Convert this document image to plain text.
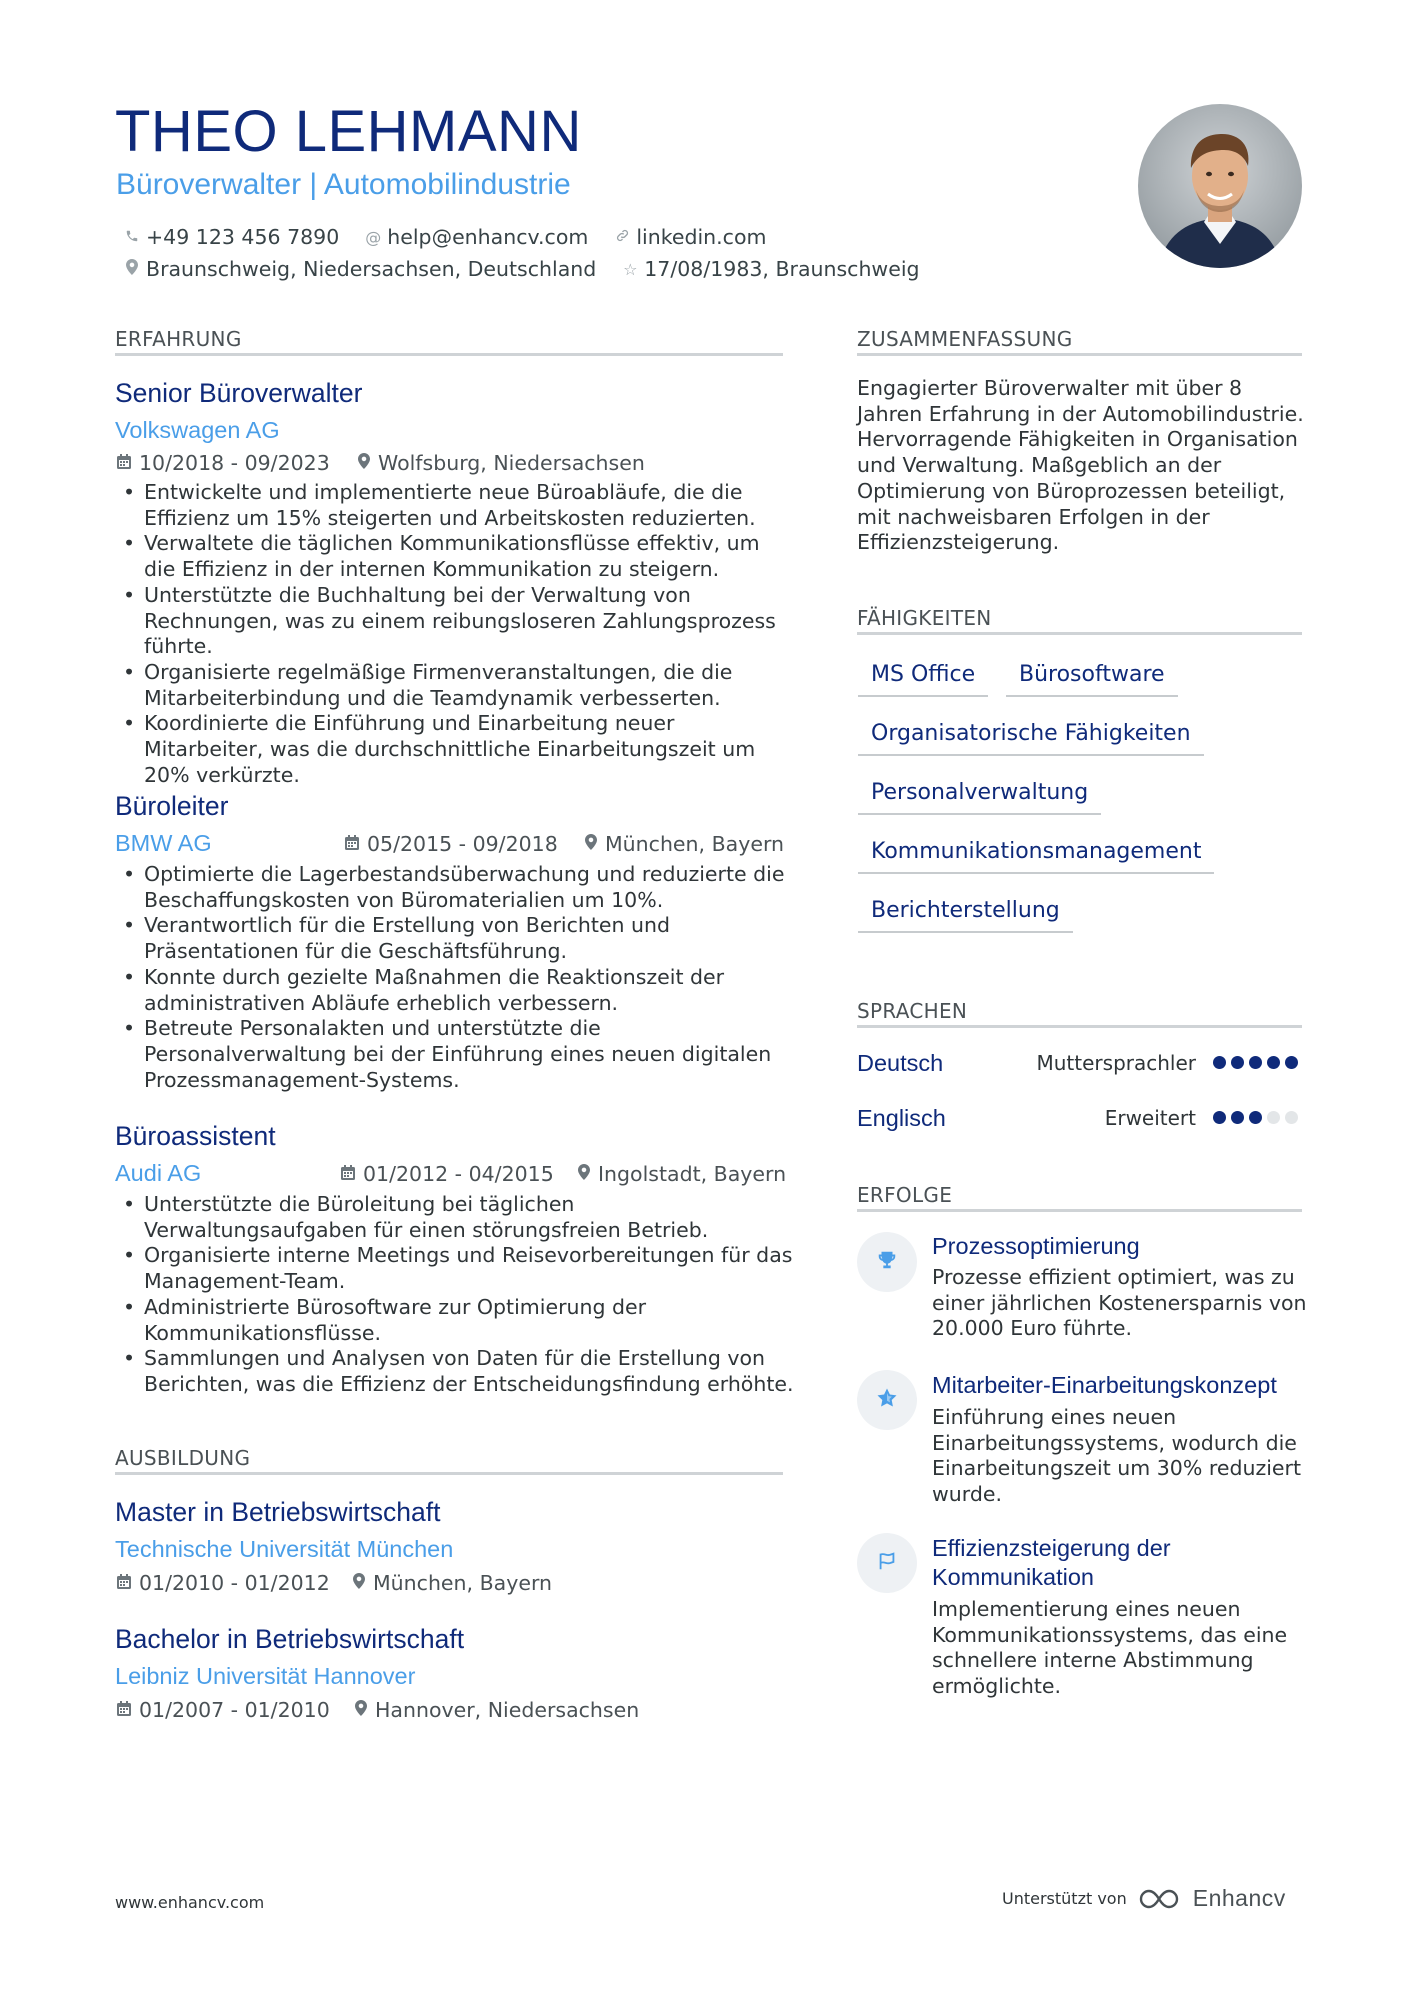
THEO LEHMANN
Büroverwalter | Automobilindustrie
+49 123 456 7890 @ help@enhancv.com linkedin.com
Braunschweig, Niedersachsen, Deutschland ☆ 17/08/1983, Braunschweig
ERFAHRUNG
Senior Büroverwalter
Volkswagen AG
10/2018 - 09/2023 Wolfsburg, Niedersachsen
• Entwickelte und implementierte neue Büroabläufe, die die Effizienz um 15% steigerten und Arbeitskosten reduzierten.
• Verwaltete die täglichen Kommunikationsflüsse effektiv, um die Effizienz in der internen Kommunikation zu steigern.
• Unterstützte die Buchhaltung bei der Verwaltung von Rechnungen, was zu einem reibungsloseren Zahlungsprozess führte.
• Organisierte regelmäßige Firmenveranstaltungen, die die Mitarbeiterbindung und die Teamdynamik verbesserten.
• Koordinierte die Einführung und Einarbeitung neuer Mitarbeiter, was die durchschnittliche Einarbeitungszeit um 20% verkürzte.
Büroleiter
BMW AG	05/2015 - 09/2018 München, Bayern
• Optimierte die Lagerbestandsüberwachung und reduzierte die Beschaffungskosten von Büromaterialien um 10%.
• Verantwortlich für die Erstellung von Berichten und Präsentationen für die Geschäftsführung.
• Konnte durch gezielte Maßnahmen die Reaktionszeit der administrativen Abläufe erheblich verbessern.
• Betreute Personalakten und unterstützte die Personalverwaltung bei der Einführung eines neuen digitalen Prozessmanagement-Systems.
Büroassistent
Audi AG	01/2012 - 04/2015 Ingolstadt, Bayern
• Unterstützte die Büroleitung bei täglichen Verwaltungsaufgaben für einen störungsfreien Betrieb.
• Organisierte interne Meetings und Reisevorbereitungen für das Management-Team.
• Administrierte Bürosoftware zur Optimierung der Kommunikationsflüsse.
• Sammlungen und Analysen von Daten für die Erstellung von Berichten, was die Effizienz der Entscheidungsfindung erhöhte.
AUSBILDUNG
Master in Betriebswirtschaft
Technische Universität München
01/2010 - 01/2012 München, Bayern
Bachelor in Betriebswirtschaft
Leibniz Universität Hannover
01/2007 - 01/2010 Hannover, Niedersachsen
ZUSAMMENFASSUNG
Engagierter Büroverwalter mit über 8 Jahren Erfahrung in der Automobilindustrie. Hervorragende Fähigkeiten in Organisation und Verwaltung. Maßgeblich an der Optimierung von Büroprozessen beteiligt, mit nachweisbaren Erfolgen in der Effizienzsteigerung.
FÄHIGKEITEN
MS Office	Bürosoftware
Organisatorische Fähigkeiten
Personalverwaltung
Kommunikationsmanagement
Berichterstellung
SPRACHEN
Deutsch	Muttersprachler
Englisch	Erweitert
ERFOLGE
Prozessoptimierung
Prozesse effizient optimiert, was zu einer jährlichen Kostenersparnis von 20.000 Euro führte.
Mitarbeiter-Einarbeitungskonzept
Einführung eines neuen Einarbeitungssystems, wodurch die Einarbeitungszeit um 30% reduziert wurde.
Effizienzsteigerung der Kommunikation
Implementierung eines neuen Kommunikationssystems, das eine schnellere interne Abstimmung ermöglichte.
www.enhancv.com	Unterstützt von	Enhancv
